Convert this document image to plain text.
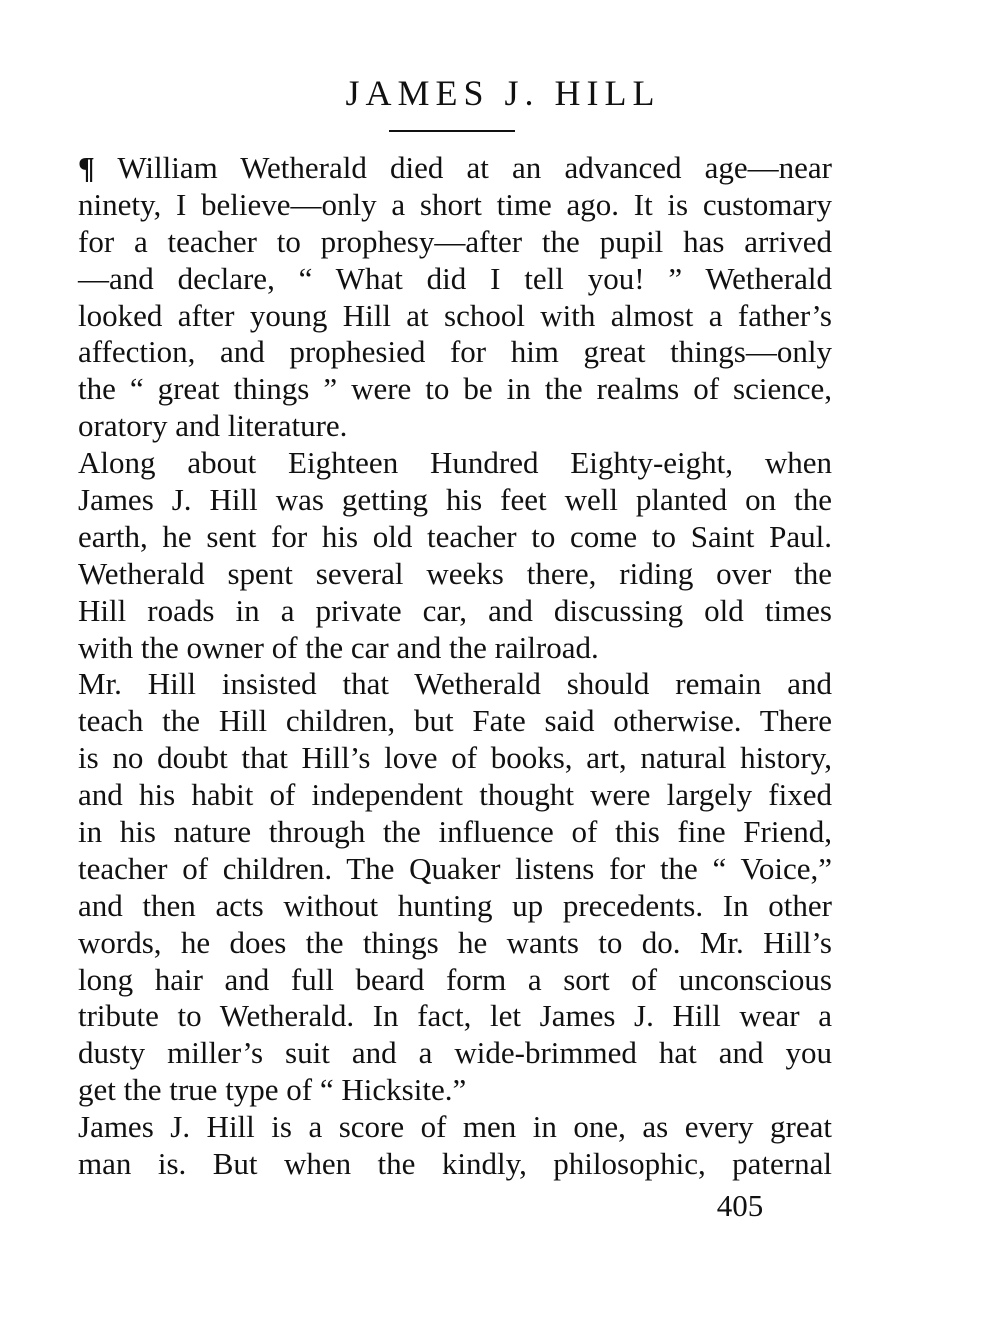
JAMES J. HILL
¶ William Wetherald died at an advanced age—near
ninety, I believe—only a short time ago. It is customary
for a teacher to prophesy—after the pupil has arrived
—and declare, “ What did I tell you! ” Wetherald
looked after young Hill at school with almost a father’s
affection, and prophesied for him great things—only
the “ great things ” were to be in the realms of science,
oratory and literature.
Along about Eighteen Hundred Eighty-eight, when
James J. Hill was getting his feet well planted on the
earth, he sent for his old teacher to come to Saint Paul.
Wetherald spent several weeks there, riding over the
Hill roads in a private car, and discussing old times
with the owner of the car and the railroad.
Mr. Hill insisted that Wetherald should remain and
teach the Hill children, but Fate said otherwise. There
is no doubt that Hill’s love of books, art, natural history,
and his habit of independent thought were largely fixed
in his nature through the influence of this fine Friend,
teacher of children. The Quaker listens for the “ Voice,”
and then acts without hunting up precedents. In other
words, he does the things he wants to do. Mr. Hill’s
long hair and full beard form a sort of unconscious
tribute to Wetherald. In fact, let James J. Hill wear a
dusty miller’s suit and a wide-brimmed hat and you
get the true type of “ Hicksite.”
James J. Hill is a score of men in one, as every great
man is. But when the kindly, philosophic, paternal
405
